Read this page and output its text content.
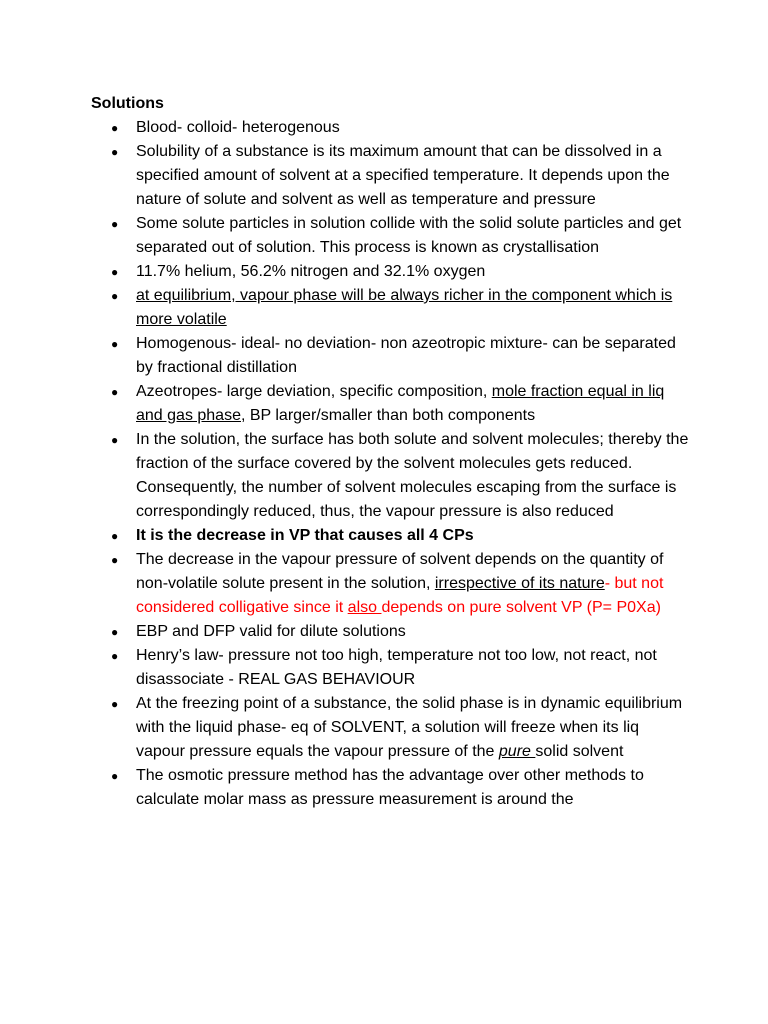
Solutions

● Blood- colloid- heterogenous
● Solubility of a substance is its maximum amount that can be dissolved in a specified amount of solvent at a specified temperature. It depends upon the nature of solute and solvent as well as temperature and pressure
● Some solute particles in solution collide with the solid solute particles and get separated out of solution. This process is known as crystallisation
● 11.7% helium, 56.2% nitrogen and 32.1% oxygen
● at equilibrium, vapour phase will be always richer in the component which is more volatile
● Homogenous- ideal- no deviation- non azeotropic mixture- can be separated by fractional distillation
● Azeotropes- large deviation, specific composition, mole fraction equal in liq and gas phase, BP larger/smaller than both components
● In the solution, the surface has both solute and solvent molecules; thereby the fraction of the surface covered by the solvent molecules gets reduced. Consequently, the number of solvent molecules escaping from the surface is correspondingly reduced, thus, the vapour pressure is also reduced
● It is the decrease in VP that causes all 4 CPs
● The decrease in the vapour pressure of solvent depends on the quantity of non-volatile solute present in the solution, irrespective of its nature- but not considered colligative since it also depends on pure solvent VP (P= P0Xa)
● EBP and DFP valid for dilute solutions
● Henry’s law- pressure not too high, temperature not too low, not react, not disassociate - REAL GAS BEHAVIOUR
● At the freezing point of a substance, the solid phase is in dynamic equilibrium with the liquid phase- eq of SOLVENT, a solution will freeze when its liq vapour pressure equals the vapour pressure of the pure solid solvent
● The osmotic pressure method has the advantage over other methods to calculate molar mass as pressure measurement is around the
